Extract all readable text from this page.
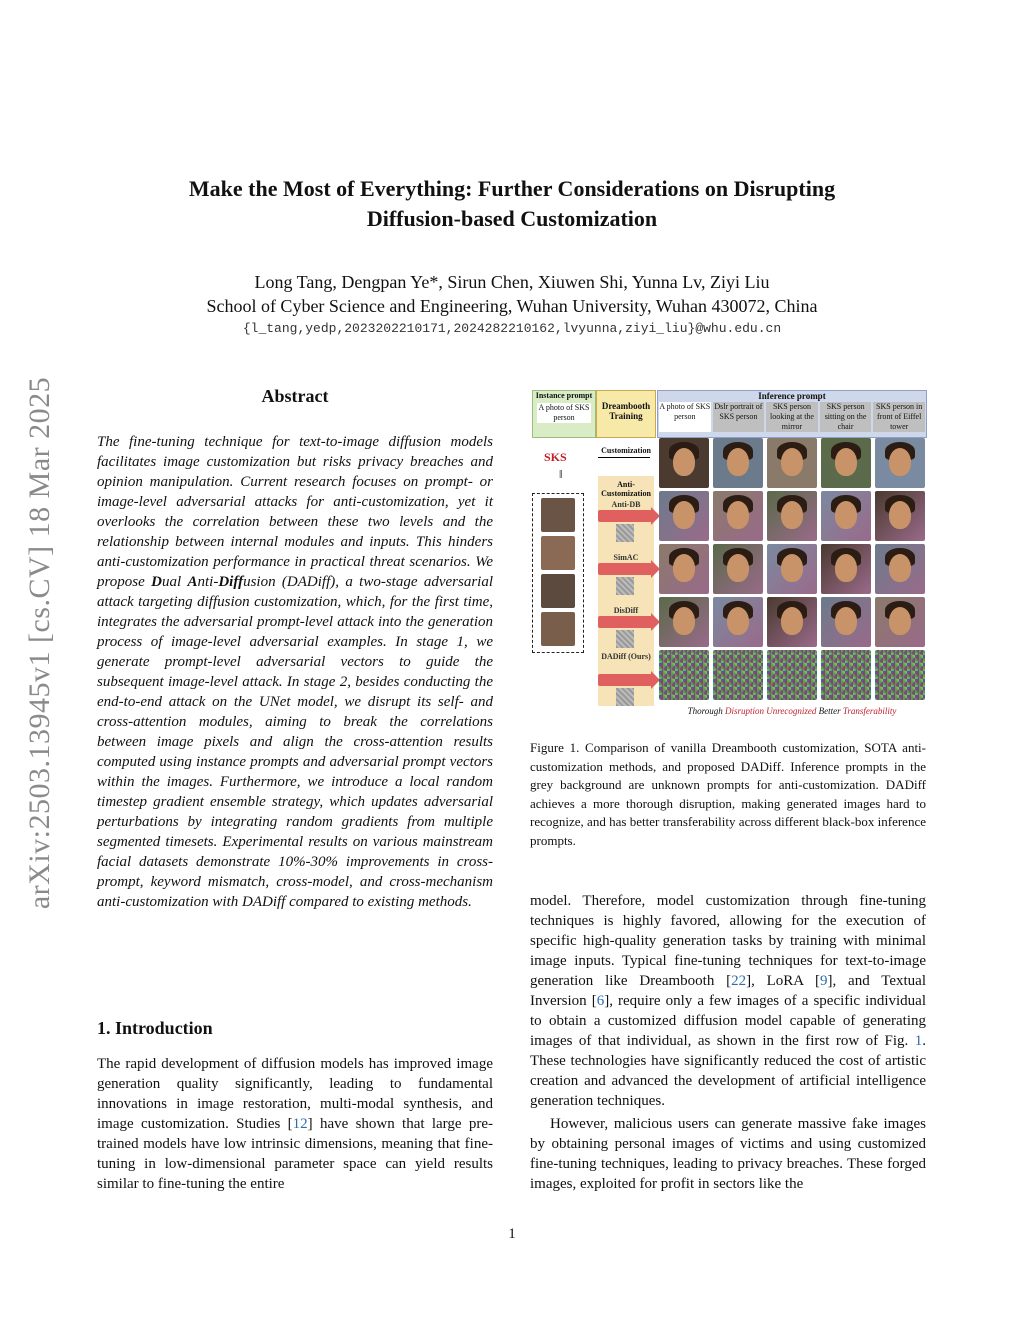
arXiv:2503.13945v1 [cs.CV] 18 Mar 2025
Make the Most of Everything: Further Considerations on Disrupting
Diffusion-based Customization
Long Tang, Dengpan Ye*, Sirun Chen, Xiuwen Shi, Yunna Lv, Ziyi Liu
School of Cyber Science and Engineering, Wuhan University, Wuhan 430072, China
{l_tang,yedp,2023202210171,2024282210162,lvyunna,ziyi_liu}@whu.edu.cn
Abstract
The fine-tuning technique for text-to-image diffusion models facilitates image customization but risks privacy breaches and opinion manipulation. Current research focuses on prompt- or image-level adversarial attacks for anti-customization, yet it overlooks the correlation between these two levels and the relationship between internal modules and inputs. This hinders anti-customization performance in practical threat scenarios. We propose Dual Anti-Diffusion (DADiff), a two-stage adversarial attack targeting diffusion customization, which, for the first time, integrates the adversarial prompt-level attack into the generation process of image-level adversarial examples. In stage 1, we generate prompt-level adversarial vectors to guide the subsequent image-level attack. In stage 2, besides conducting the end-to-end attack on the UNet model, we disrupt its self- and cross-attention modules, aiming to break the correlations between image pixels and align the cross-attention results computed using instance prompts and adversarial prompt vectors within the images. Furthermore, we introduce a local random timestep gradient ensemble strategy, which updates adversarial perturbations by integrating random gradients from multiple segmented timesets. Experimental results on various mainstream facial datasets demonstrate 10%-30% improvements in cross-prompt, keyword mismatch, cross-model, and cross-mechanism anti-customization with DADiff compared to existing methods.
1. Introduction
The rapid development of diffusion models has improved image generation quality significantly, leading to fundamental innovations in image restoration, multi-modal synthesis, and image customization. Studies [12] have shown that large pre-trained models have low intrinsic dimensions, meaning that fine-tuning in low-dimensional parameter space can yield results similar to fine-tuning the entire
Instance prompt
A photo of SKS person
Dreambooth Training
Inference prompt
A photo of SKS person
Dslr portrait of SKS person
SKS person looking at the mirror
SKS person sitting on the chair
SKS person in front of Eiffel tower
SKS
‖
Customization
Anti-Customization
Anti-DB
SimAC
DisDiff
DADiff (Ours)
Thorough Disruption Unrecognized Better Transferability
Figure 1. Comparison of vanilla Dreambooth customization, SOTA anti-customization methods, and proposed DADiff. Inference prompts in the grey background are unknown prompts for anti-customization. DADiff achieves a more thorough disruption, making generated images hard to recognize, and has better transferability across different black-box inference prompts.
model. Therefore, model customization through fine-tuning techniques is highly favored, allowing for the execution of specific high-quality generation tasks by training with minimal image inputs. Typical fine-tuning techniques for text-to-image generation like Dreambooth [22], LoRA [9], and Textual Inversion [6], require only a few images of a specific individual to obtain a customized diffusion model capable of generating images of that individual, as shown in the first row of Fig. 1. These technologies have significantly reduced the cost of artistic creation and advanced the development of artificial intelligence generation techniques.
However, malicious users can generate massive fake images by obtaining personal images of victims and using customized fine-tuning techniques, leading to privacy breaches. These forged images, exploited for profit in sectors like the
1
